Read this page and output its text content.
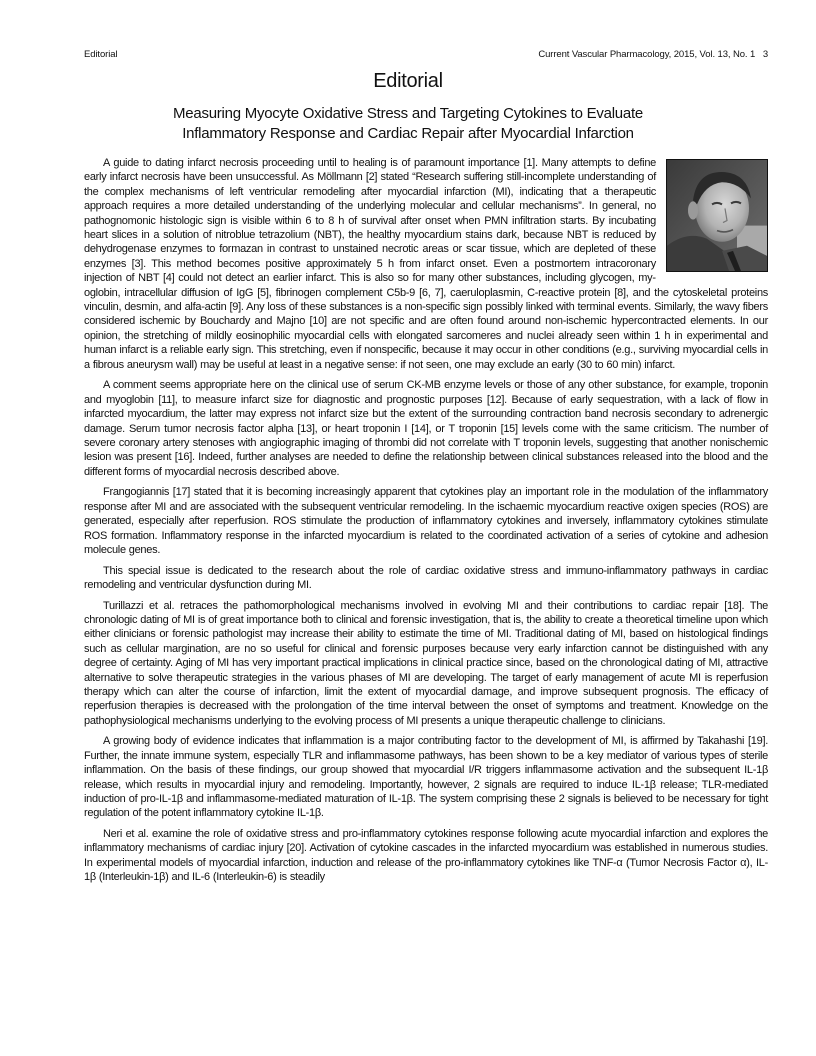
Editorial	Current Vascular Pharmacology, 2015, Vol. 13, No. 1 3
Editorial
Measuring Myocyte Oxidative Stress and Targeting Cytokines to Evaluate
Inflammatory Response and Cardiac Repair after Myocardial Infarction

A guide to dating infarct necrosis proceeding until to healing is of paramount importance [1]. Many attempts to define early infarct necrosis have been unsuccessful. As Möllmann [2] stated “Research suffering still-incomplete understanding of the complex mechanisms of left ventricular remodeling after myocardial infarction (MI), indicating that a therapeutic approach requires a more detailed understanding of the underlying molecular and cellular mechanisms”. In general, no pathognomonic histologic sign is visible within 6 to 8 h of survival after onset when PMN infiltration starts. By incubating heart slices in a solution of nitroblue tetrazolium (NBT), the healthy myocardium stains dark, because NBT is reduced by dehydrogenase enzymes to formazan in contrast to unstained necrotic areas or scar tissue, which are depleted of these enzymes [3]. This method becomes positive approximately 5 h from infarct onset. Even a postmortem intracoronary injection of NBT [4] could not detect an earlier infarct. This is also so for many other substances, including glycogen, myoglobin, intracellular diffusion of IgG [5], fibrinogen complement C5b-9 [6, 7], caeruloplasmin, C-reactive protein [8], and the cytoskeletal proteins vinculin, desmin, and alfa-actin [9]. Any loss of these substances is a non-specific sign possibly linked with terminal events. Similarly, the wavy fibers considered ischemic by Bouchardy and Majno [10] are not specific and are often found around non-ischemic hypercontracted elements. In our opinion, the stretching of mildly eosinophilic myocardial cells with elongated sarcomeres and nuclei already seen within 1 h in experimental and human infarct is a reliable early sign. This stretching, even if nonspecific, because it may occur in other conditions (e.g., surviving myocardial cells in a fibrous aneurysm wall) may be useful at least in a negative sense: if not seen, one may exclude an early (30 to 60 min) infarct.

A comment seems appropriate here on the clinical use of serum CK-MB enzyme levels or those of any other substance, for example, troponin and myoglobin [11], to measure infarct size for diagnostic and prognostic purposes [12]. Because of early sequestration, with a lack of flow in infarcted myocardium, the latter may express not infarct size but the extent of the surrounding contraction band necrosis secondary to adrenergic damage. Serum tumor necrosis factor alpha [13], or heart troponin I [14], or T troponin [15] levels come with the same criticism. The number of severe coronary artery stenoses with angiographic imaging of thrombi did not correlate with T troponin levels, suggesting that another nonischemic lesion was present [16]. Indeed, further analyses are needed to define the relationship between clinical substances released into the blood and the different forms of myocardial necrosis described above.

Frangogiannis [17] stated that it is becoming increasingly apparent that cytokines play an important role in the modulation of the inflammatory response after MI and are associated with the subsequent ventricular remodeling. In the ischaemic myocardium reactive oxigen species (ROS) are generated, especially after reperfusion. ROS stimulate the production of inflammatory cytokines and inversely, inflammatory cytokines stimulate ROS formation. Inflammatory response in the infarcted myocardium is related to the coordinated activation of a series of cytokine and adhesion molecule genes.

This special issue is dedicated to the research about the role of cardiac oxidative stress and immuno-inflammatory pathways in cardiac remodeling and ventricular dysfunction during MI.

Turillazzi et al. retraces the pathomorphological mechanisms involved in evolving MI and their contributions to cardiac repair [18]. The chronologic dating of MI is of great importance both to clinical and forensic investigation, that is, the ability to create a theoretical timeline upon which either clinicians or forensic pathologist may increase their ability to estimate the time of MI. Traditional dating of MI, based on histological findings such as cellular margination, are no so useful for clinical and forensic purposes because very early infarction cannot be distinguished with any degree of certainty. Aging of MI has very important practical implications in clinical practice since, based on the chronological dating of MI, attractive alternative to solve therapeutic strategies in the various phases of MI are developing. The target of early management of acute MI is reperfusion therapy which can alter the course of infarction, limit the extent of myocardial damage, and improve subsequent prognosis. The efficacy of reperfusion therapies is decreased with the prolongation of the time interval between the onset of symptoms and treatment. Knowledge on the pathophysiological mechanisms underlying to the evolving process of MI presents a unique therapeutic challenge to clinicians.

A growing body of evidence indicates that inflammation is a major contributing factor to the development of MI, is affirmed by Takahashi [19]. Further, the innate immune system, especially TLR and inflammasome pathways, has been shown to be a key mediator of various types of sterile inflammation. On the basis of these findings, our group showed that myocardial I/R triggers inflammasome activation and the subsequent IL-1β release, which results in myocardial injury and remodeling. Importantly, however, 2 signals are required to induce IL-1β release; TLR-mediated induction of pro-IL-1β and inflammasome-mediated maturation of IL-1β. The system comprising these 2 signals is believed to be necessary for tight regulation of the potent inflammatory cytokine IL-1β.

Neri et al. examine the role of oxidative stress and pro-inflammatory cytokines response following acute myocardial infarction and explores the inflammatory mechanisms of cardiac injury [20]. Activation of cytokine cascades in the infarcted myocardium was established in numerous studies. In experimental models of myocardial infarction, induction and release of the pro-inflammatory cytokines like TNF-α (Tumor Necrosis Factor α), IL-1β (Interleukin-1β) and IL-6 (Interleukin-6) is steadily
